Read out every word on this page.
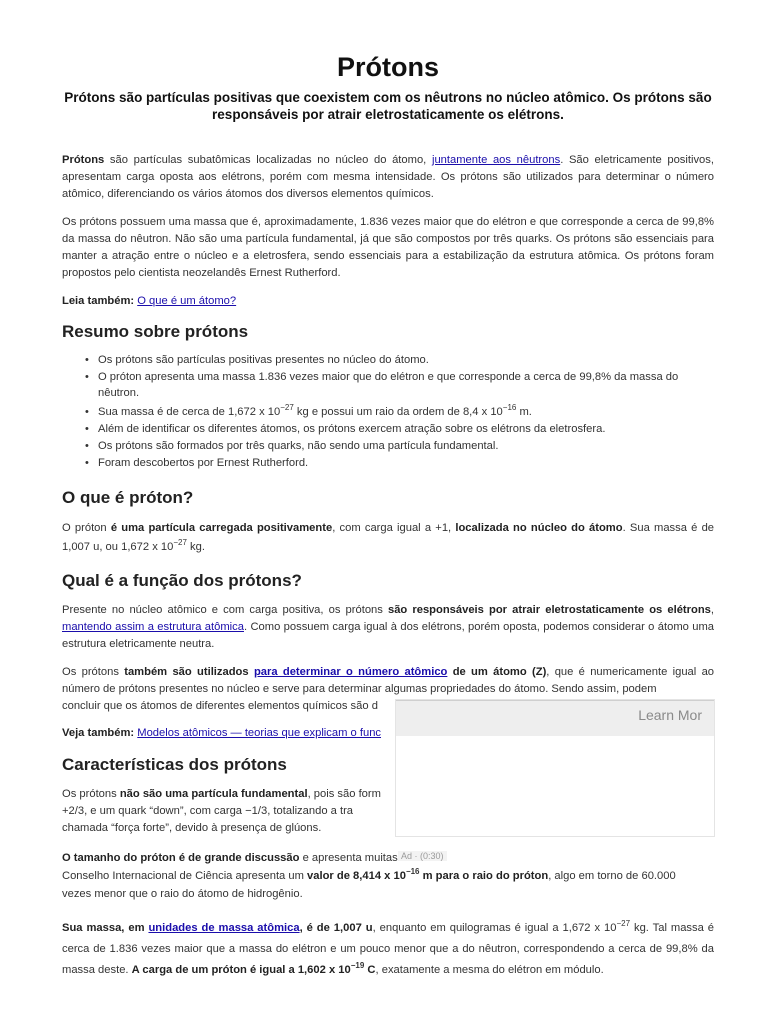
Prótons

Prótons são partículas positivas que coexistem com os nêutrons no núcleo atômico. Os prótons são responsáveis por atrair eletrostaticamente os elétrons.

Prótons são partículas subatômicas localizadas no núcleo do átomo, juntamente aos nêutrons. São eletricamente positivos, apresentam carga oposta aos elétrons, porém com mesma intensidade. Os prótons são utilizados para determinar o número atômico, diferenciando os vários átomos dos diversos elementos químicos.

Os prótons possuem uma massa que é, aproximadamente, 1.836 vezes maior que do elétron e que corresponde a cerca de 99,8% da massa do nêutron. Não são uma partícula fundamental, já que são compostos por três quarks. Os prótons são essenciais para manter a atração entre o núcleo e a eletrosfera, sendo essenciais para a estabilização da estrutura atômica. Os prótons foram propostos pelo cientista neozelandês Ernest Rutherford.

Leia também: O que é um átomo?

Resumo sobre prótons
• Os prótons são partículas positivas presentes no núcleo do átomo.
• O próton apresenta uma massa 1.836 vezes maior que do elétron e que corresponde a cerca de 99,8% da massa do nêutron.
• Sua massa é de cerca de 1,672 x $10^{-27}$ kg e possui um raio da ordem de 8,4 x $10^{-16}$ m.
• Além de identificar os diferentes átomos, os prótons exercem atração sobre os elétrons da eletrosfera.
• Os prótons são formados por três quarks, não sendo uma partícula fundamental.
• Foram descobertos por Ernest Rutherford.
O que é próton?

O próton é uma partícula carregada positivamente, com carga igual a +1, localizada no núcleo do átomo. Sua massa é de 1,007 u, ou 1,672 x $10^{-27}$ kg.

Qual é a função dos prótons?

Presente no núcleo atômico e com carga positiva, os prótons são responsáveis por atrair eletrostaticamente os elétrons, mantendo assim a estrutura atômica. Como possuem carga igual à dos elétrons, porém oposta, podemos considerar o átomo uma estrutura eletricamente neutra.

Os prótons também são utilizados para determinar o número atômico de um átomo (Z), que é numericamente igual ao número de prótons presentes no núcleo e serve para determinar algumas propriedades do átomo. Sendo assim, podem
concluir que os átomos de diferentes elementos químicos são d

Veja também: Modelos atômicos — teorias que explicam o func

Características dos prótons

Os prótons não são uma partícula fundamental, pois são form
+2/3, e um quark “down”, com carga −1/3, totalizando a tra
chamada “força forte”, devido à presença de glúons.

O tamanho do próton é de grande discussão e apresenta muitas
Conselho Internacional de Ciência apresenta um valor de 8,414 x $10^{-16}$ m para o raio do próton, algo em torno de 60.000
vezes menor que o raio do átomo de hidrogênio.

Sua massa, em unidades de massa atômica, é de 1,007 u, enquanto em quilogramas é igual a 1,672 x $10^{-27}$ kg. Tal massa é cerca de 1.836 vezes maior que a massa do elétron e um pouco menor que a do nêutron, correspondendo a cerca de 99,8% da massa deste. A carga de um próton é igual a 1,602 x $10^{-19}$ C, exatamente a mesma do elétron em módulo.

Learn Mor
Ad · (0:30)
